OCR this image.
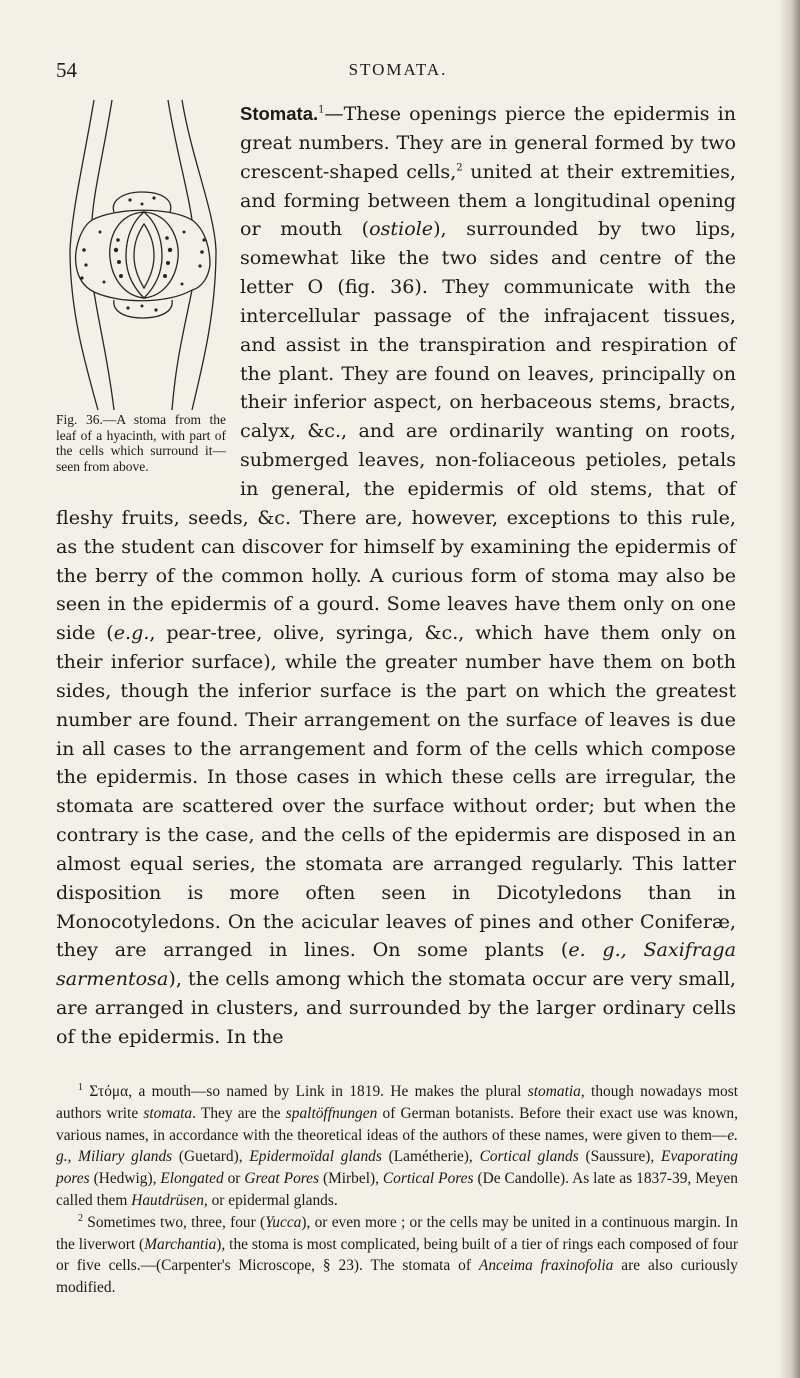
54	STOMATA.

Fig. 36.—A stoma from the leaf of a hyacinth, with part of the cells which surround it—seen from above.

Stomata.$^1$—These openings pierce the epidermis in great numbers. They are in general formed by two crescent-shaped cells,$^2$ united at their extremities, and forming between them a longitudinal opening or mouth (ostiole), surrounded by two lips, somewhat like the two sides and centre of the letter O (fig. 36). They communicate with the intercellular passage of the infrajacent tissues, and assist in the transpiration and respiration of the plant. They are found on leaves, principally on their inferior aspect, on herbaceous stems, bracts, calyx, &c., and are ordinarily wanting on roots, submerged leaves, non-foliaceous petioles, petals in general, the epidermis of old stems, that of fleshy fruits, seeds, &c. There are, however, exceptions to this rule, as the student can discover for himself by examining the epidermis of the berry of the common holly. A curious form of stoma may also be seen in the epidermis of a gourd. Some leaves have them only on one side (e.g., pear-tree, olive, syringa, &c., which have them only on their inferior surface), while the greater number have them on both sides, though the inferior surface is the part on which the greatest number are found. Their arrangement on the surface of leaves is due in all cases to the arrangement and form of the cells which compose the epidermis. In those cases in which these cells are irregular, the stomata are scattered over the surface without order; but when the contrary is the case, and the cells of the epidermis are disposed in an almost equal series, the stomata are arranged regularly. This latter disposition is more often seen in Dicotyledons than in Monocotyledons. On the acicular leaves of pines and other Coniferæ, they are arranged in lines. On some plants (e. g., Saxifraga sarmentosa), the cells among which the stomata occur are very small, are arranged in clusters, and surrounded by the larger ordinary cells of the epidermis. In the

$^1$ Στόμα, a mouth—so named by Link in 1819. He makes the plural stomatia, though nowadays most authors write stomata. They are the spaltöffnungen of German botanists. Before their exact use was known, various names, in accordance with the theoretical ideas of the authors of these names, were given to them—e. g., Miliary glands (Guetard), Epidermoïdal glands (Lamétherie), Cortical glands (Saussure), Evaporating pores (Hedwig), Elongated or Great Pores (Mirbel), Cortical Pores (De Candolle). As late as 1837-39, Meyen called them Hautdrüsen, or epidermal glands.

$^2$ Sometimes two, three, four (Yucca), or even more ; or the cells may be united in a continuous margin. In the liverwort (Marchantia), the stoma is most complicated, being built of a tier of rings each composed of four or five cells.—(Carpenter's Microscope, § 23). The stomata of Anceima fraxinofolia are also curiously modified.
